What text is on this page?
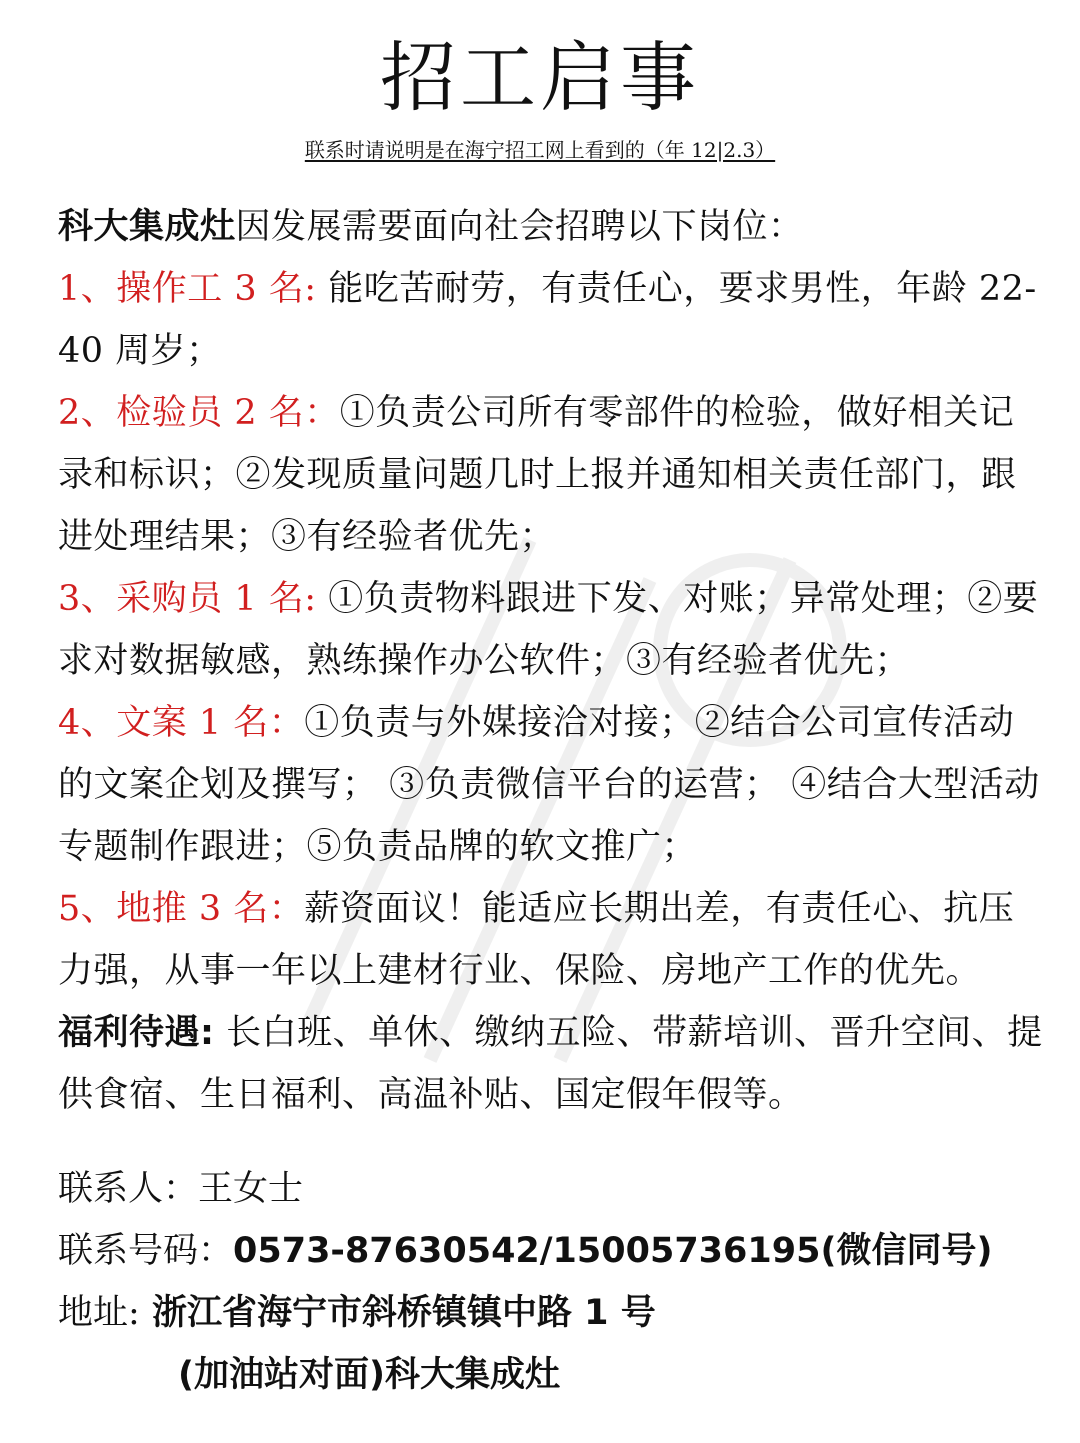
招工启事
联系时请说明是在海宁招工网上看到的（年 12|2.3）

科大集成灶因发展需要面向社会招聘以下岗位：

1、操作工 3 名: 能吃苦耐劳，有责任心，要求男性，年龄 22-40 周岁；

2、检验员 2 名：①负责公司所有零部件的检验，做好相关记录和标识；②发现质量问题几时上报并通知相关责任部门，跟进处理结果；③有经验者优先；

3、采购员 1 名: ①负责物料跟进下发、对账；异常处理；②要求对数据敏感，熟练操作办公软件；③有经验者优先；

4、文案 1 名：①负责与外媒接洽对接；②结合公司宣传活动的文案企划及撰写； ③负责微信平台的运营； ④结合大型活动专题制作跟进；⑤负责品牌的软文推广；

5、地推 3 名：薪资面议！能适应长期出差，有责任心、抗压力强，从事一年以上建材行业、保险、房地产工作的优先。

福利待遇: 长白班、单休、缴纳五险、带薪培训、晋升空间、提供食宿、生日福利、高温补贴、国定假年假等。

联系人：王女士

联系号码：0573-87630542/15005736195(微信同号)

地址: 浙江省海宁市斜桥镇镇中路 1 号

(加油站对面)科大集成灶
